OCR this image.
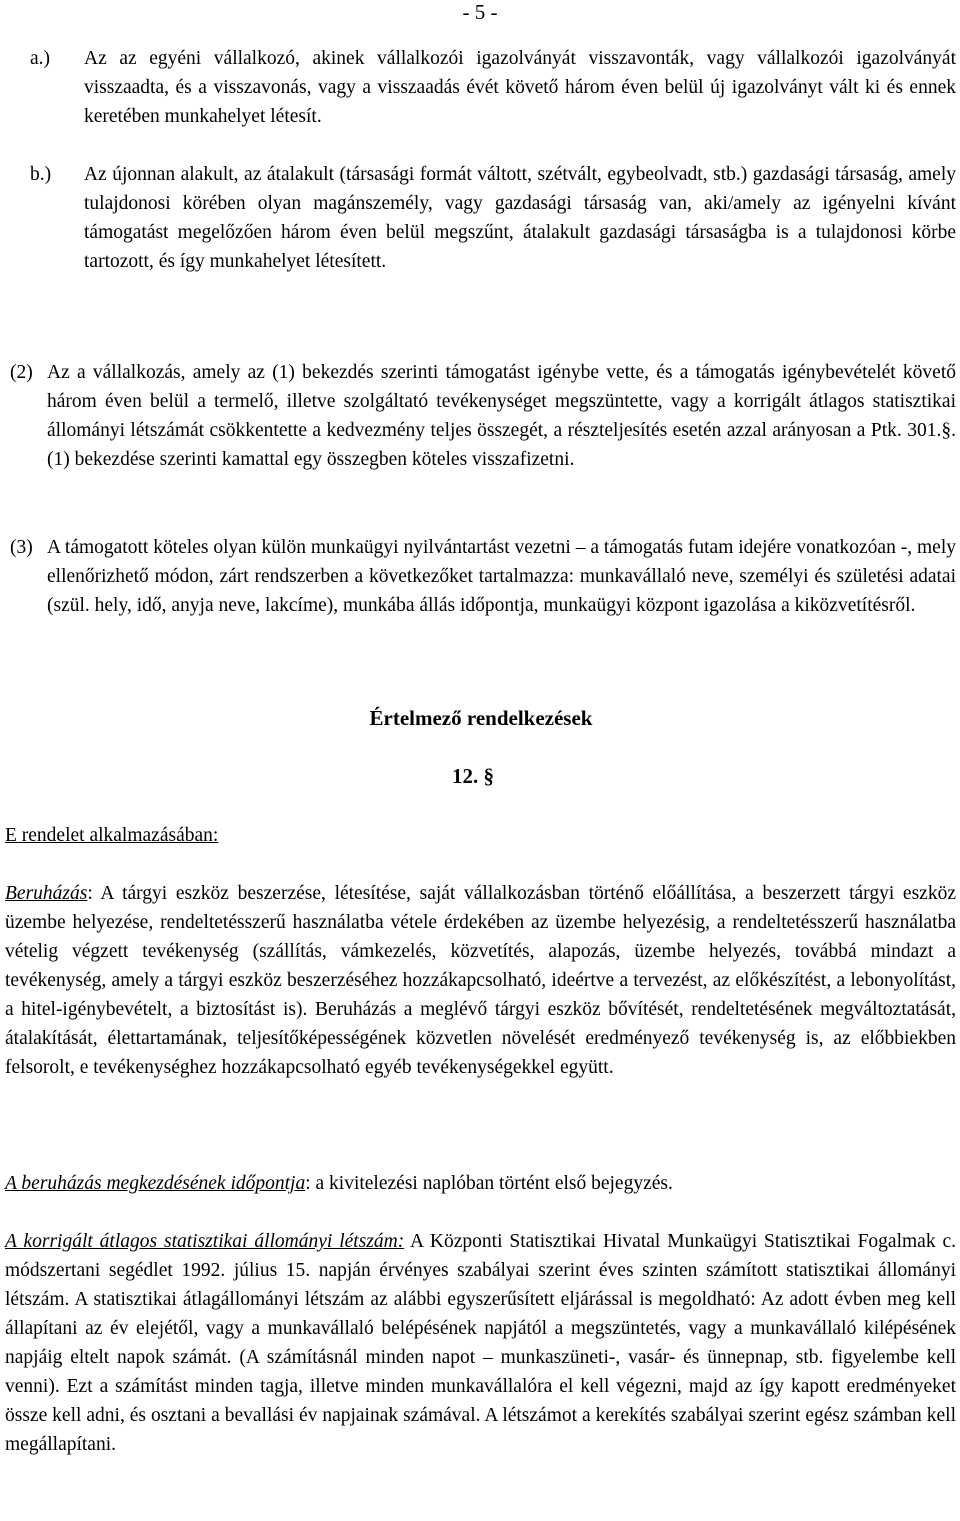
- 5 -
a.) Az az egyéni vállalkozó, akinek vállalkozói igazolványát visszavonták, vagy vállalkozói igazolványát visszaadta, és a visszavonás, vagy a visszaadás évét követő három éven belül új igazolványt vált ki és ennek keretében munkahelyet létesít.
b.) Az újonnan alakult, az átalakult (társasági formát váltott, szétvált, egybeolvadt, stb.) gazdasági társaság, amely tulajdonosi körében olyan magánszemély, vagy gazdasági társaság van, aki/amely az igényelni kívánt támogatást megelőzően három éven belül megszűnt, átalakult gazdasági társaságba is a tulajdonosi körbe tartozott, és így munkahelyet létesített.
(2) Az a vállalkozás, amely az (1) bekezdés szerinti támogatást igénybe vette, és a támogatás igénybevételét követő három éven belül a termelő, illetve szolgáltató tevékenységet megszüntette, vagy a korrigált átlagos statisztikai állományi létszámát csökkentette a kedvezmény teljes összegét, a részteljesítés esetén azzal arányosan a Ptk. 301.§.(1) bekezdése szerinti kamattal egy összegben köteles visszafizetni.
(3) A támogatott köteles olyan külön munkaügyi nyilvántartást vezetni – a támogatás futam idejére vonatkozóan -, mely ellenőrizhető módon, zárt rendszerben a következőket tartalmazza: munkavállaló neve, személyi és születési adatai (szül. hely, idő, anyja neve, lakcíme), munkába állás időpontja, munkaügyi központ igazolása a kiközvetítésről.
Értelmező rendelkezések
12. §
E rendelet alkalmazásában:
Beruházás: A tárgyi eszköz beszerzése, létesítése, saját vállalkozásban történő előállítása, a beszerzett tárgyi eszköz üzembe helyezése, rendeltetésszerű használatba vétele érdekében az üzembe helyezésig, a rendeltetésszerű használatba vételig végzett tevékenység (szállítás, vámkezelés, közvetítés, alapozás, üzembe helyezés, továbbá mindazt a tevékenység, amely a tárgyi eszköz beszerzéséhez hozzákapcsolható, ideértve a tervezést, az előkészítést, a lebonyolítást, a hitel-igénybevételt, a biztosítást is). Beruházás a meglévő tárgyi eszköz bővítését, rendeltetésének megváltoztatását, átalakítását, élettartamának, teljesítőképességének közvetlen növelését eredményező tevékenység is, az előbbiekben felsorolt, e tevékenységhez hozzákapcsolható egyéb tevékenységekkel együtt.
A beruházás megkezdésének időpontja: a kivitelezési naplóban történt első bejegyzés.
A korrigált átlagos statisztikai állományi létszám: A Központi Statisztikai Hivatal Munkaügyi Statisztikai Fogalmak c. módszertani segédlet 1992. július 15. napján érvényes szabályai szerint éves szinten számított statisztikai állományi létszám. A statisztikai átlagállományi létszám az alábbi egyszerűsített eljárással is megoldható: Az adott évben meg kell állapítani az év elejétől, vagy a munkavállaló belépésének napjától a megszüntetés, vagy a munkavállaló kilépésének napjáig eltelt napok számát. (A számításnál minden napot – munkaszüneti-, vasár- és ünnepnap, stb. figyelembe kell venni). Ezt a számítást minden tagja, illetve minden munkavállalóra el kell végezni, majd az így kapott eredményeket össze kell adni, és osztani a bevallási év napjainak számával. A létszámot a kerekítés szabályai szerint egész számban kell megállapítani.
